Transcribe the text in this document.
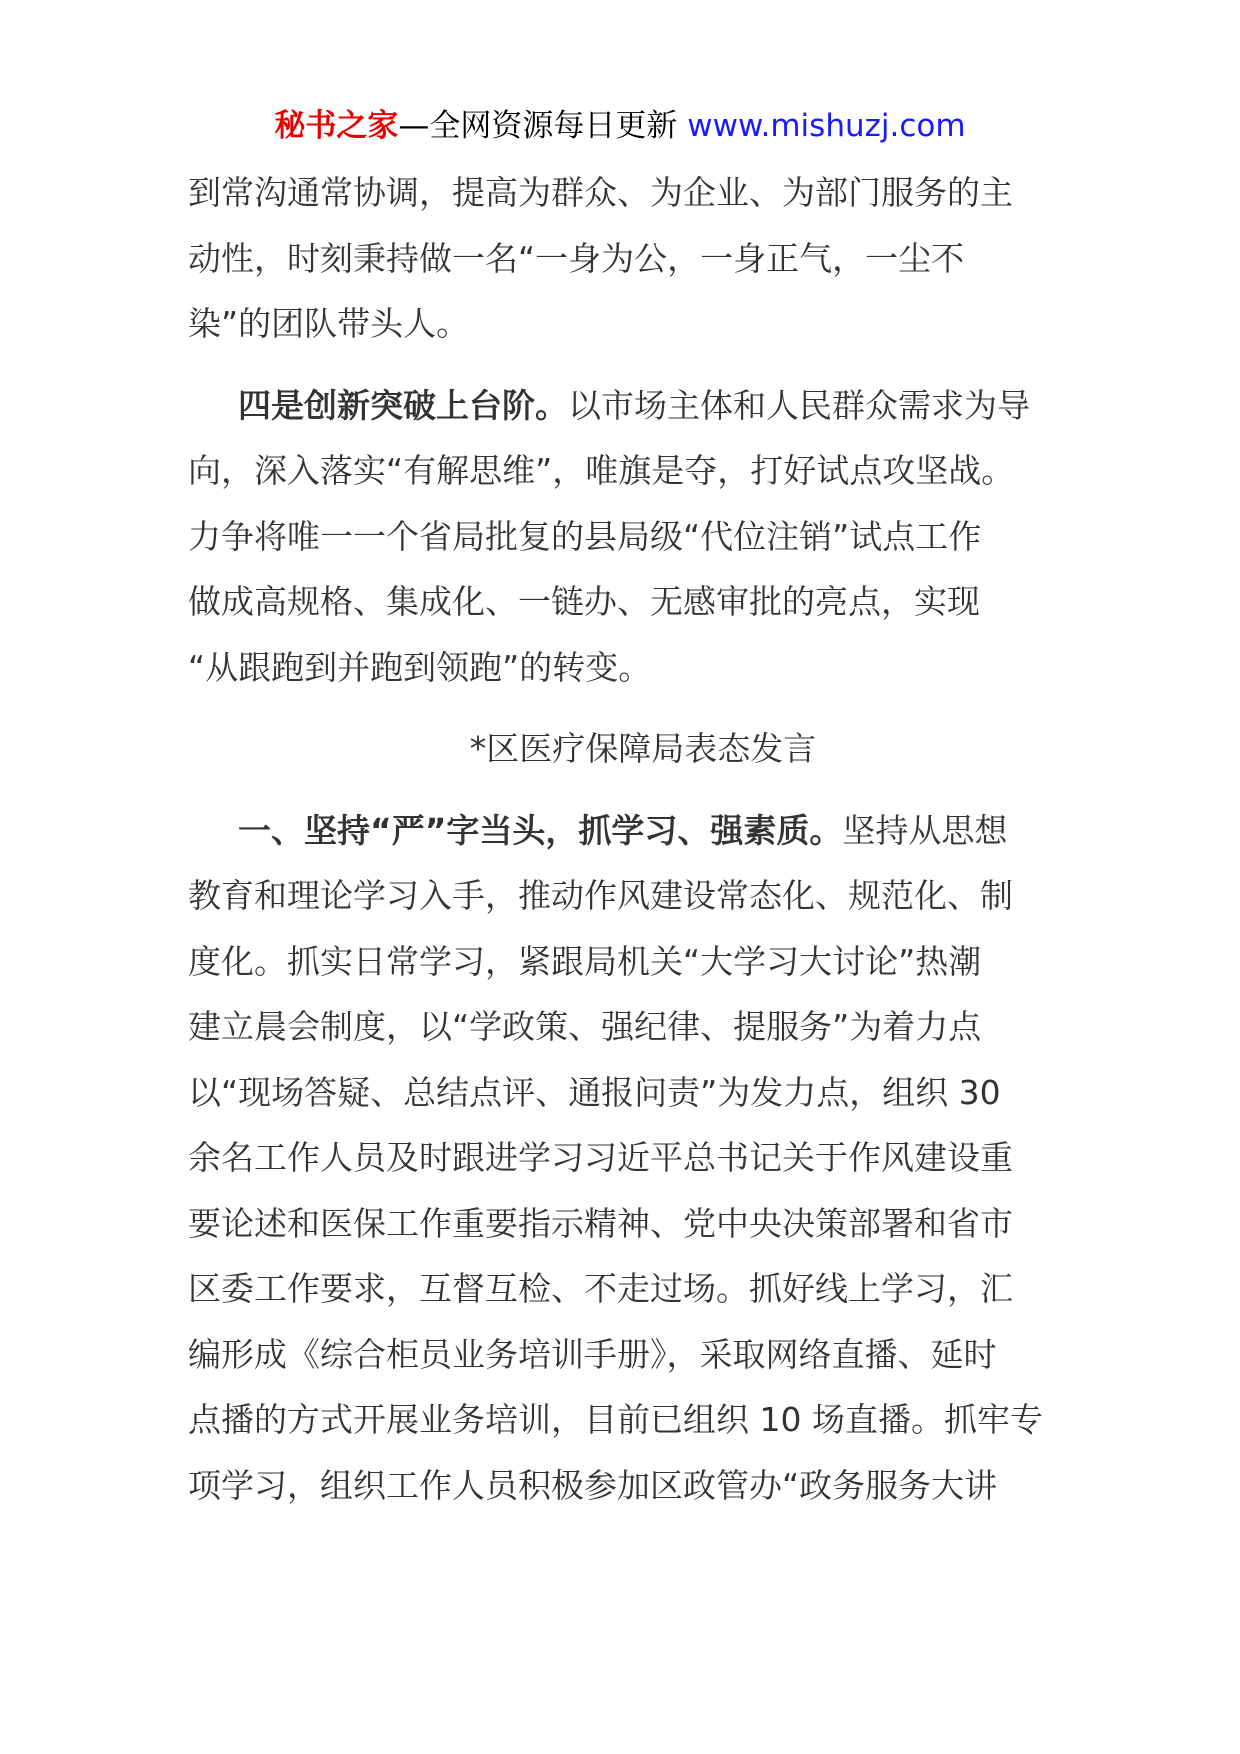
秘书之家—全网资源每日更新 www.mishuzj.com
到常沟通常协调，提高为群众、为企业、为部门服务的主
动性，时刻秉持做一名“一身为公，一身正气，一尘不
染”的团队带头人。
四是创新突破上台阶。以市场主体和人民群众需求为导
向，深入落实“有解思维”，唯旗是夺，打好试点攻坚战。
力争将唯一一个省局批复的县局级“代位注销”试点工作
做成高规格、集成化、一链办、无感审批的亮点，实现
“从跟跑到并跑到领跑”的转变。
*区医疗保障局表态发言
一、坚持“严”字当头，抓学习、强素质。坚持从思想
教育和理论学习入手，推动作风建设常态化、规范化、制
度化。抓实日常学习，紧跟局机关“大学习大讨论”热潮
建立晨会制度，以“学政策、强纪律、提服务”为着力点
以“现场答疑、总结点评、通报问责”为发力点，组织 30
余名工作人员及时跟进学习习近平总书记关于作风建设重
要论述和医保工作重要指示精神、党中央决策部署和省市
区委工作要求，互督互检、不走过场。抓好线上学习，汇
编形成《综合柜员业务培训手册》，采取网络直播、延时
点播的方式开展业务培训，目前已组织 10 场直播。抓牢专
项学习，组织工作人员积极参加区政管办“政务服务大讲
